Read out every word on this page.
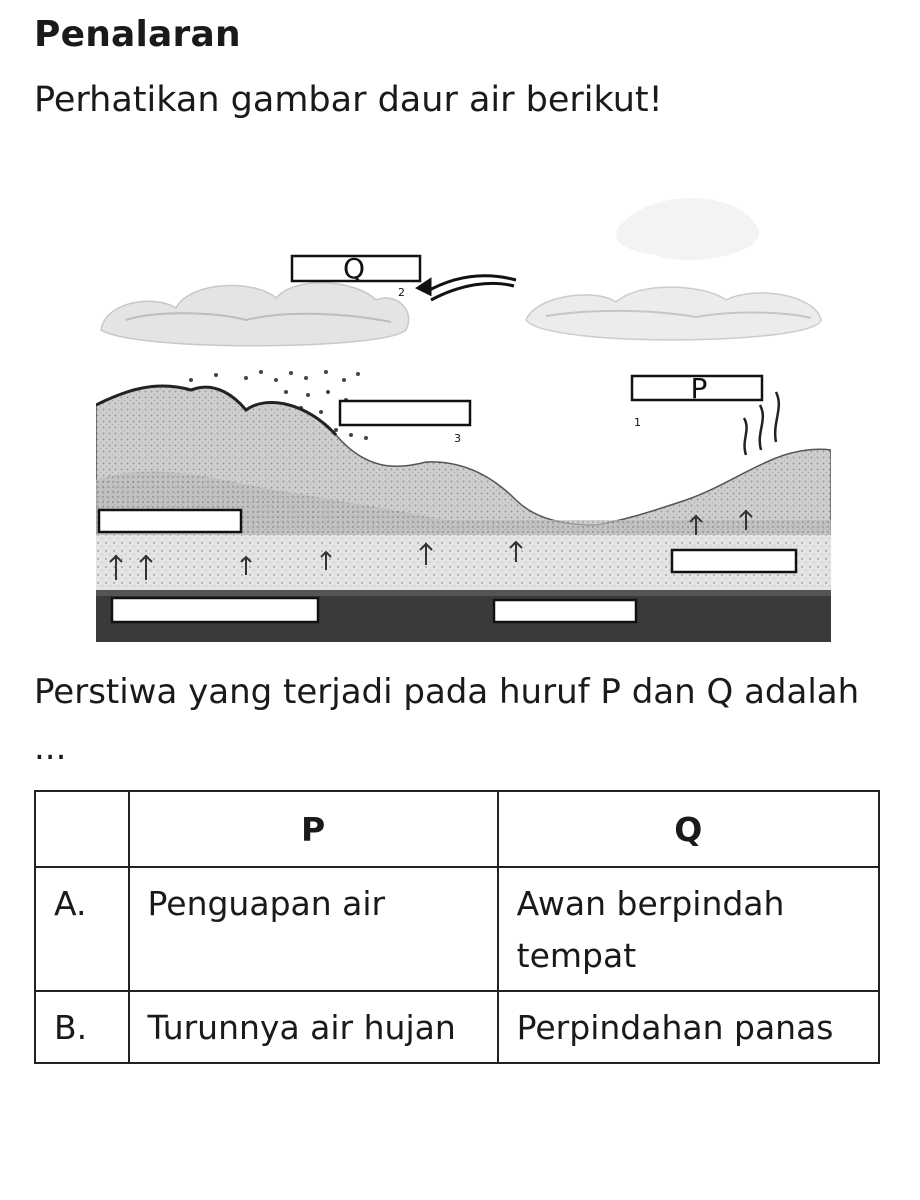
Penalaran
Perhatikan gambar daur air berikut!
Q
2
P
1
3
Perstiwa yang terjadi pada huruf P dan Q adalah ...
	P	Q
A.	Penguapan air	Awan berpindah tempat
B.	Turunnya air hujan	Perpindahan panas
